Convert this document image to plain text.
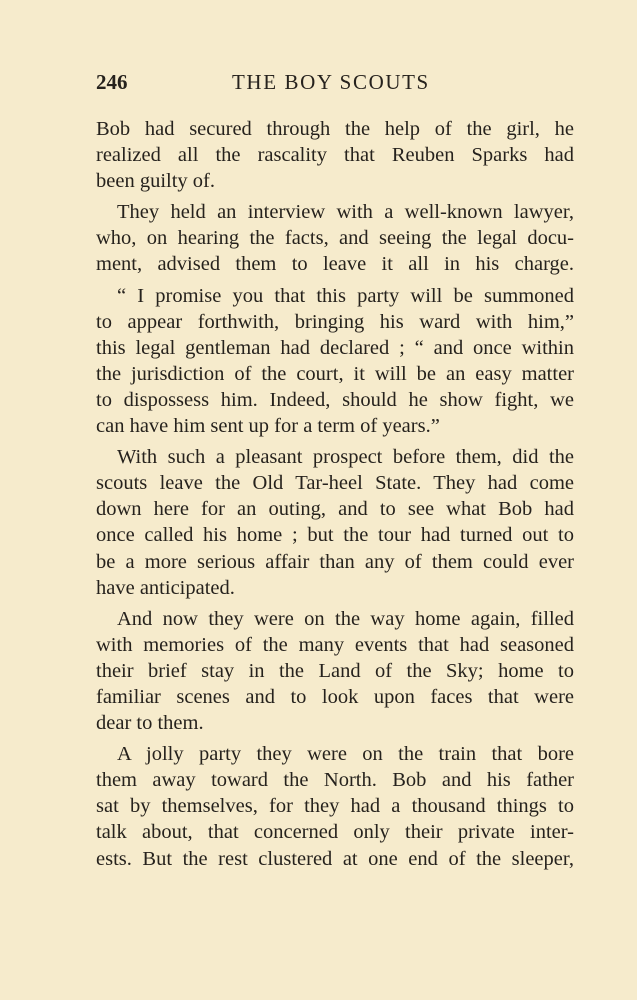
246	THE BOY SCOUTS
Bob had secured through the help of the girl, he
realized all the rascality that Reuben Sparks had
been guilty of.
They held an interview with a well-known lawyer,
who, on hearing the facts, and seeing the legal docu-
ment, advised them to leave it all in his charge.
“ I promise you that this party will be summoned
to appear forthwith, bringing his ward with him,”
this legal gentleman had declared ; “ and once within
the jurisdiction of the court, it will be an easy matter
to dispossess him. Indeed, should he show fight, we
can have him sent up for a term of years.”
With such a pleasant prospect before them, did the
scouts leave the Old Tar-heel State. They had come
down here for an outing, and to see what Bob had
once called his home ; but the tour had turned out to
be a more serious affair than any of them could ever
have anticipated.
And now they were on the way home again, filled
with memories of the many events that had seasoned
their brief stay in the Land of the Sky; home to
familiar scenes and to look upon faces that were
dear to them.
A jolly party they were on the train that bore
them away toward the North. Bob and his father
sat by themselves, for they had a thousand things to
talk about, that concerned only their private inter-
ests. But the rest clustered at one end of the sleeper,
